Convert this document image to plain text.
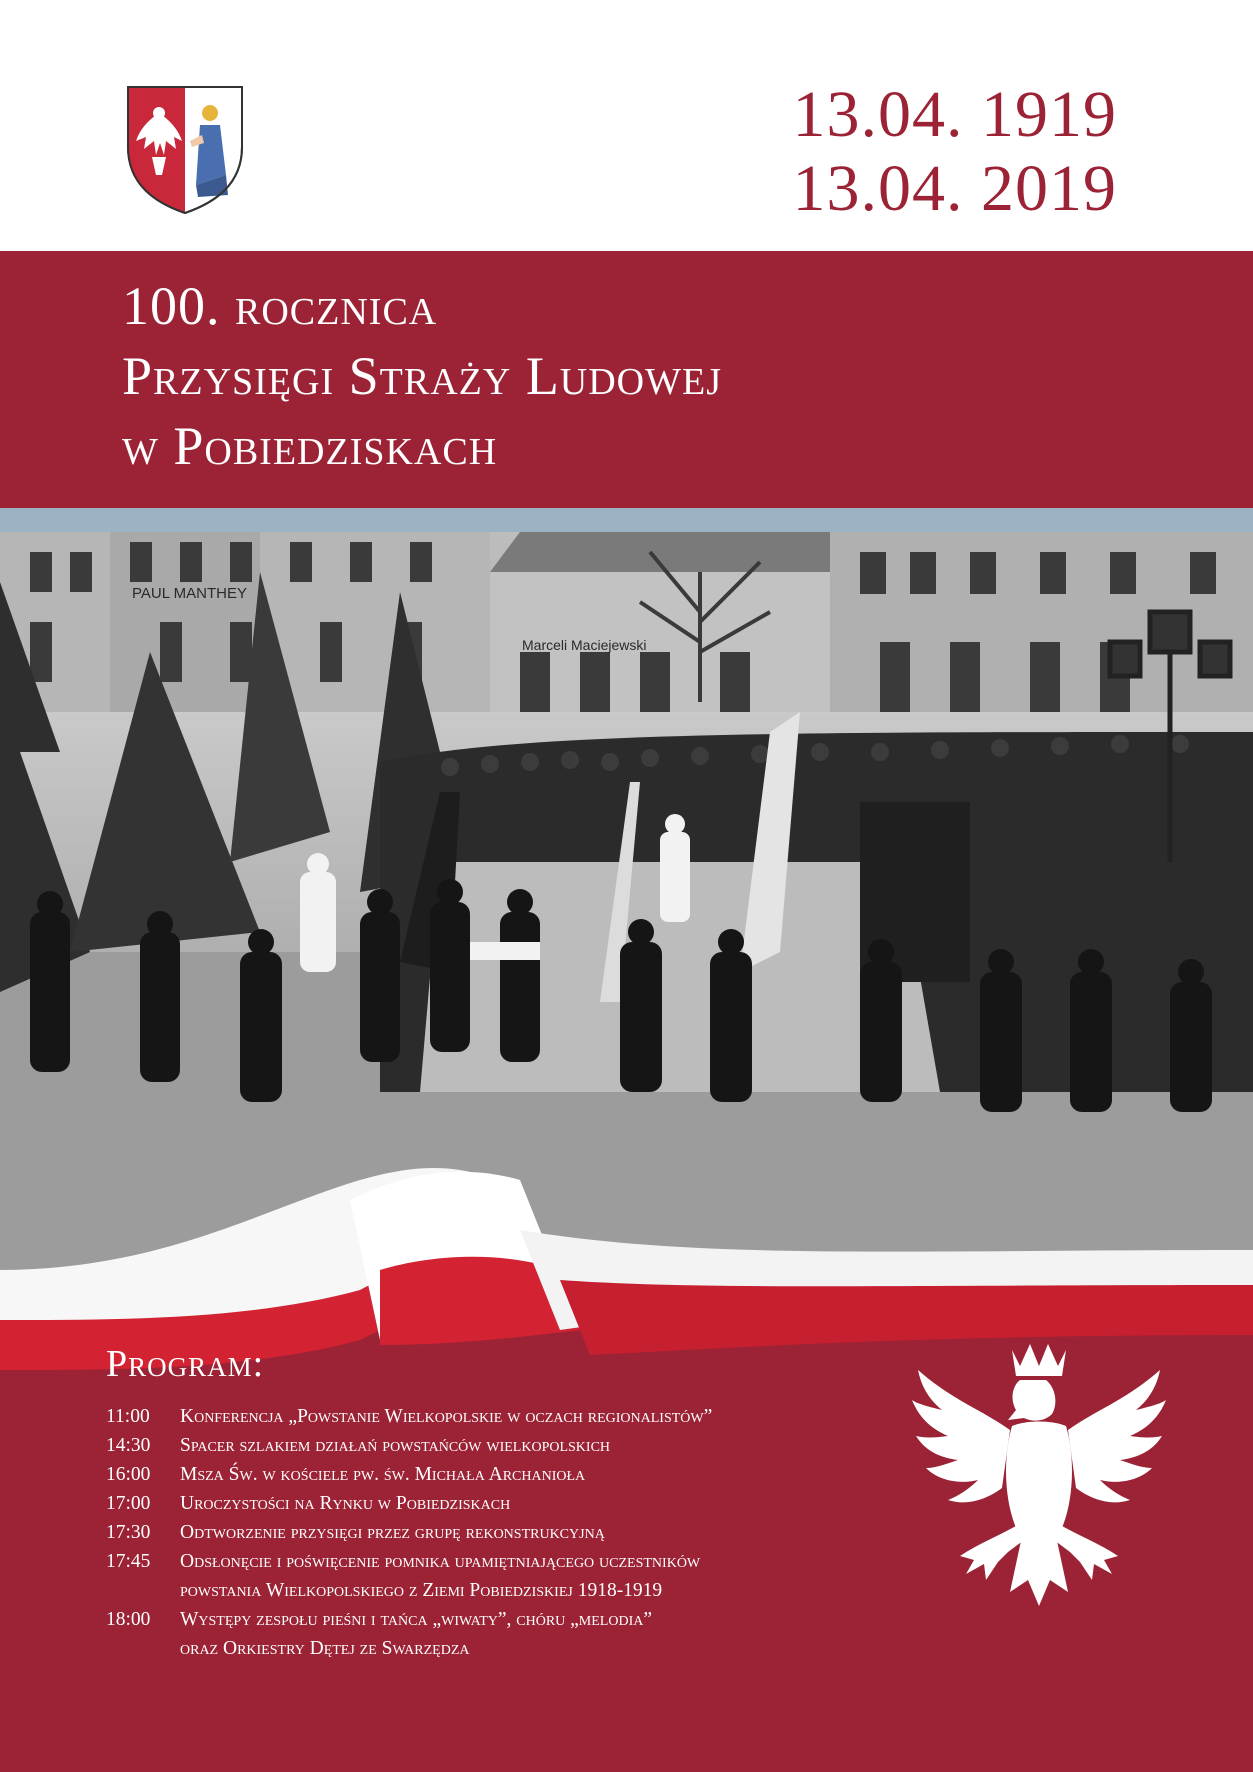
13.04. 1919
13.04. 2019
100. rocznica
Przysięgi Straży Ludowej
w Pobiedziskach
PAUL MANTHEY
Marceli Maciejewski
Program:
11:00	Konferencja „Powstanie Wielkopolskie w oczach regionalistów”
14:30	Spacer szlakiem działań powstańców wielkopolskich
16:00	Msza Św. w kościele pw. św. Michała Archanioła
17:00	Uroczystości na Rynku w Pobiedziskach
17:30	Odtworzenie przysięgi przez grupę rekonstrukcyjną
17:45	Odsłonęcie i poświęcenie pomnika upamiętniającego uczestników
powstania Wielkopolskiego z Ziemi Pobiedziskiej 1918-1919
18:00	Występy zespołu pieśni i tańca „wiwaty”, chóru „melodia”
oraz Orkiestry Dętej ze Swarzędza
